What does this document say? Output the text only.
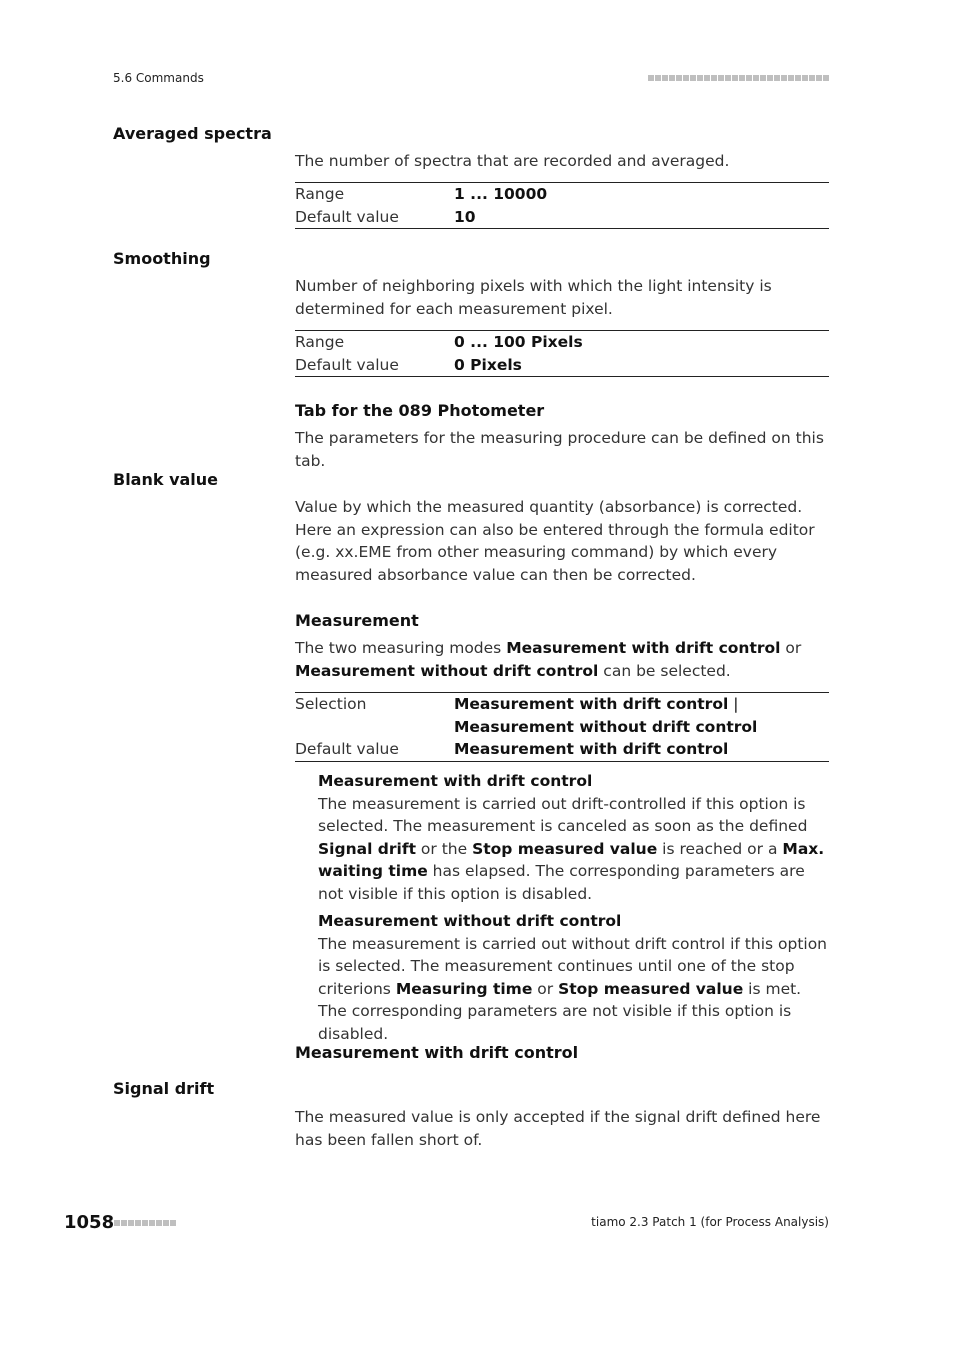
5.6 Commands
Averaged spectra
The number of spectra that are recorded and averaged.
Range	1 ... 10000
Default value	10
Smoothing
Number of neighboring pixels with which the light intensity is determined for each measurement pixel.
Range	0 ... 100 Pixels
Default value	0 Pixels
Tab for the 089 Photometer
The parameters for the measuring procedure can be defined on this tab.
Blank value
Value by which the measured quantity (absorbance) is corrected. Here an expression can also be entered through the formula editor (e.g. xx.EME from other measuring command) by which every measured absorbance value can then be corrected.
Measurement
The two measuring modes Measurement with drift control or Measurement without drift control can be selected.
Selection	Measurement with drift control | Measurement without drift control
Default value	Measurement with drift control
Measurement with drift control
The measurement is carried out drift-controlled if this option is selected. The measurement is canceled as soon as the defined Signal drift or the Stop measured value is reached or a Max. waiting time has elapsed. The corresponding parameters are not visible if this option is disabled.
Measurement without drift control
The measurement is carried out without drift control if this option is selected. The measurement continues until one of the stop criterions Measuring time or Stop measured value is met. The corresponding parameters are not visible if this option is disabled.
Measurement with drift control
Signal drift
The measured value is only accepted if the signal drift defined here has been fallen short of.
1058	tiamo 2.3 Patch 1 (for Process Analysis)
